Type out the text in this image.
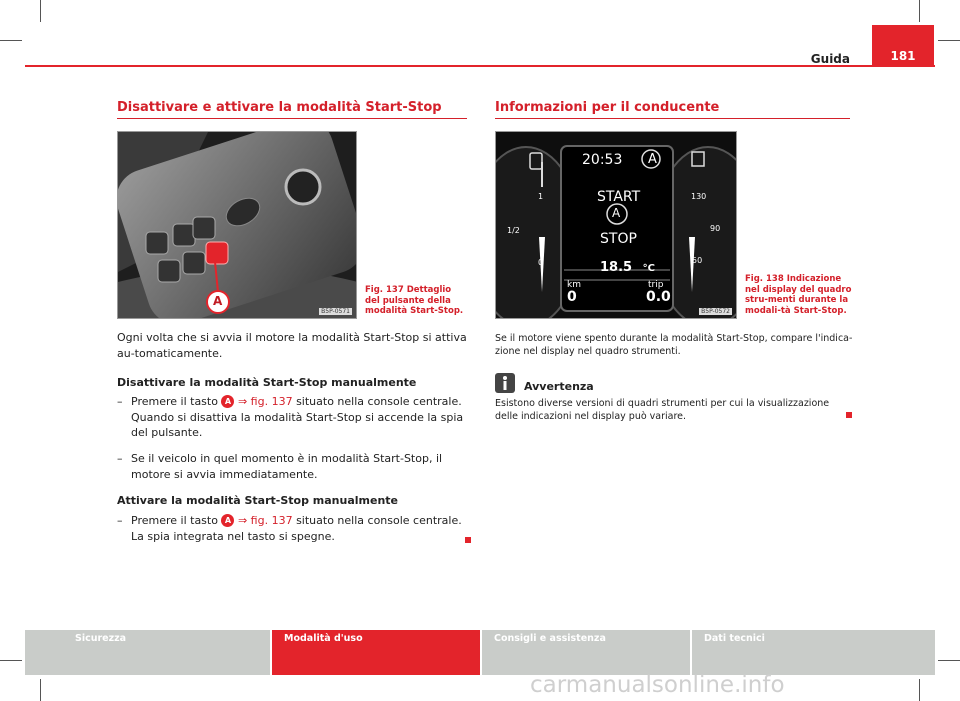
Guida	181
Disattivare e attivare la modalità Start-Stop
A
B5P-0571
Fig. 137 Dettaglio del pulsante della modalità Start-Stop.
Ogni volta che si avvia il motore la modalità Start-Stop si attiva au-tomaticamente.
Disattivare la modalità Start-Stop manualmente
– Premere il tasto A ⇒ fig. 137 situato nella console centrale. Quando si disattiva la modalità Start-Stop si accende la spia del pulsante.
– Se il veicolo in quel momento è in modalità Start-Stop, il motore si avvia immediatamente.
Attivare la modalità Start-Stop manualmente
– Premere il tasto A ⇒ fig. 137 situato nella console centrale. La spia integrata nel tasto si spegne.
Informazioni per il conducente
20:53 A
START
A
STOP
18.5 °C
km	trip
0	0.0
1
1/2
0
130
90
50
B5P-0572
Fig. 138 Indicazione nel display del quadro stru-menti durante la modali-tà Start-Stop.
Se il motore viene spento durante la modalità Start-Stop, compare l'indica-zione nel display nel quadro strumenti.
Avvertenza
Esistono diverse versioni di quadri strumenti per cui la visualizzazione delle indicazioni nel display può variare.
Sicurezza	Modalità d'uso	Consigli e assistenza	Dati tecnici
carmanualsonline.info
